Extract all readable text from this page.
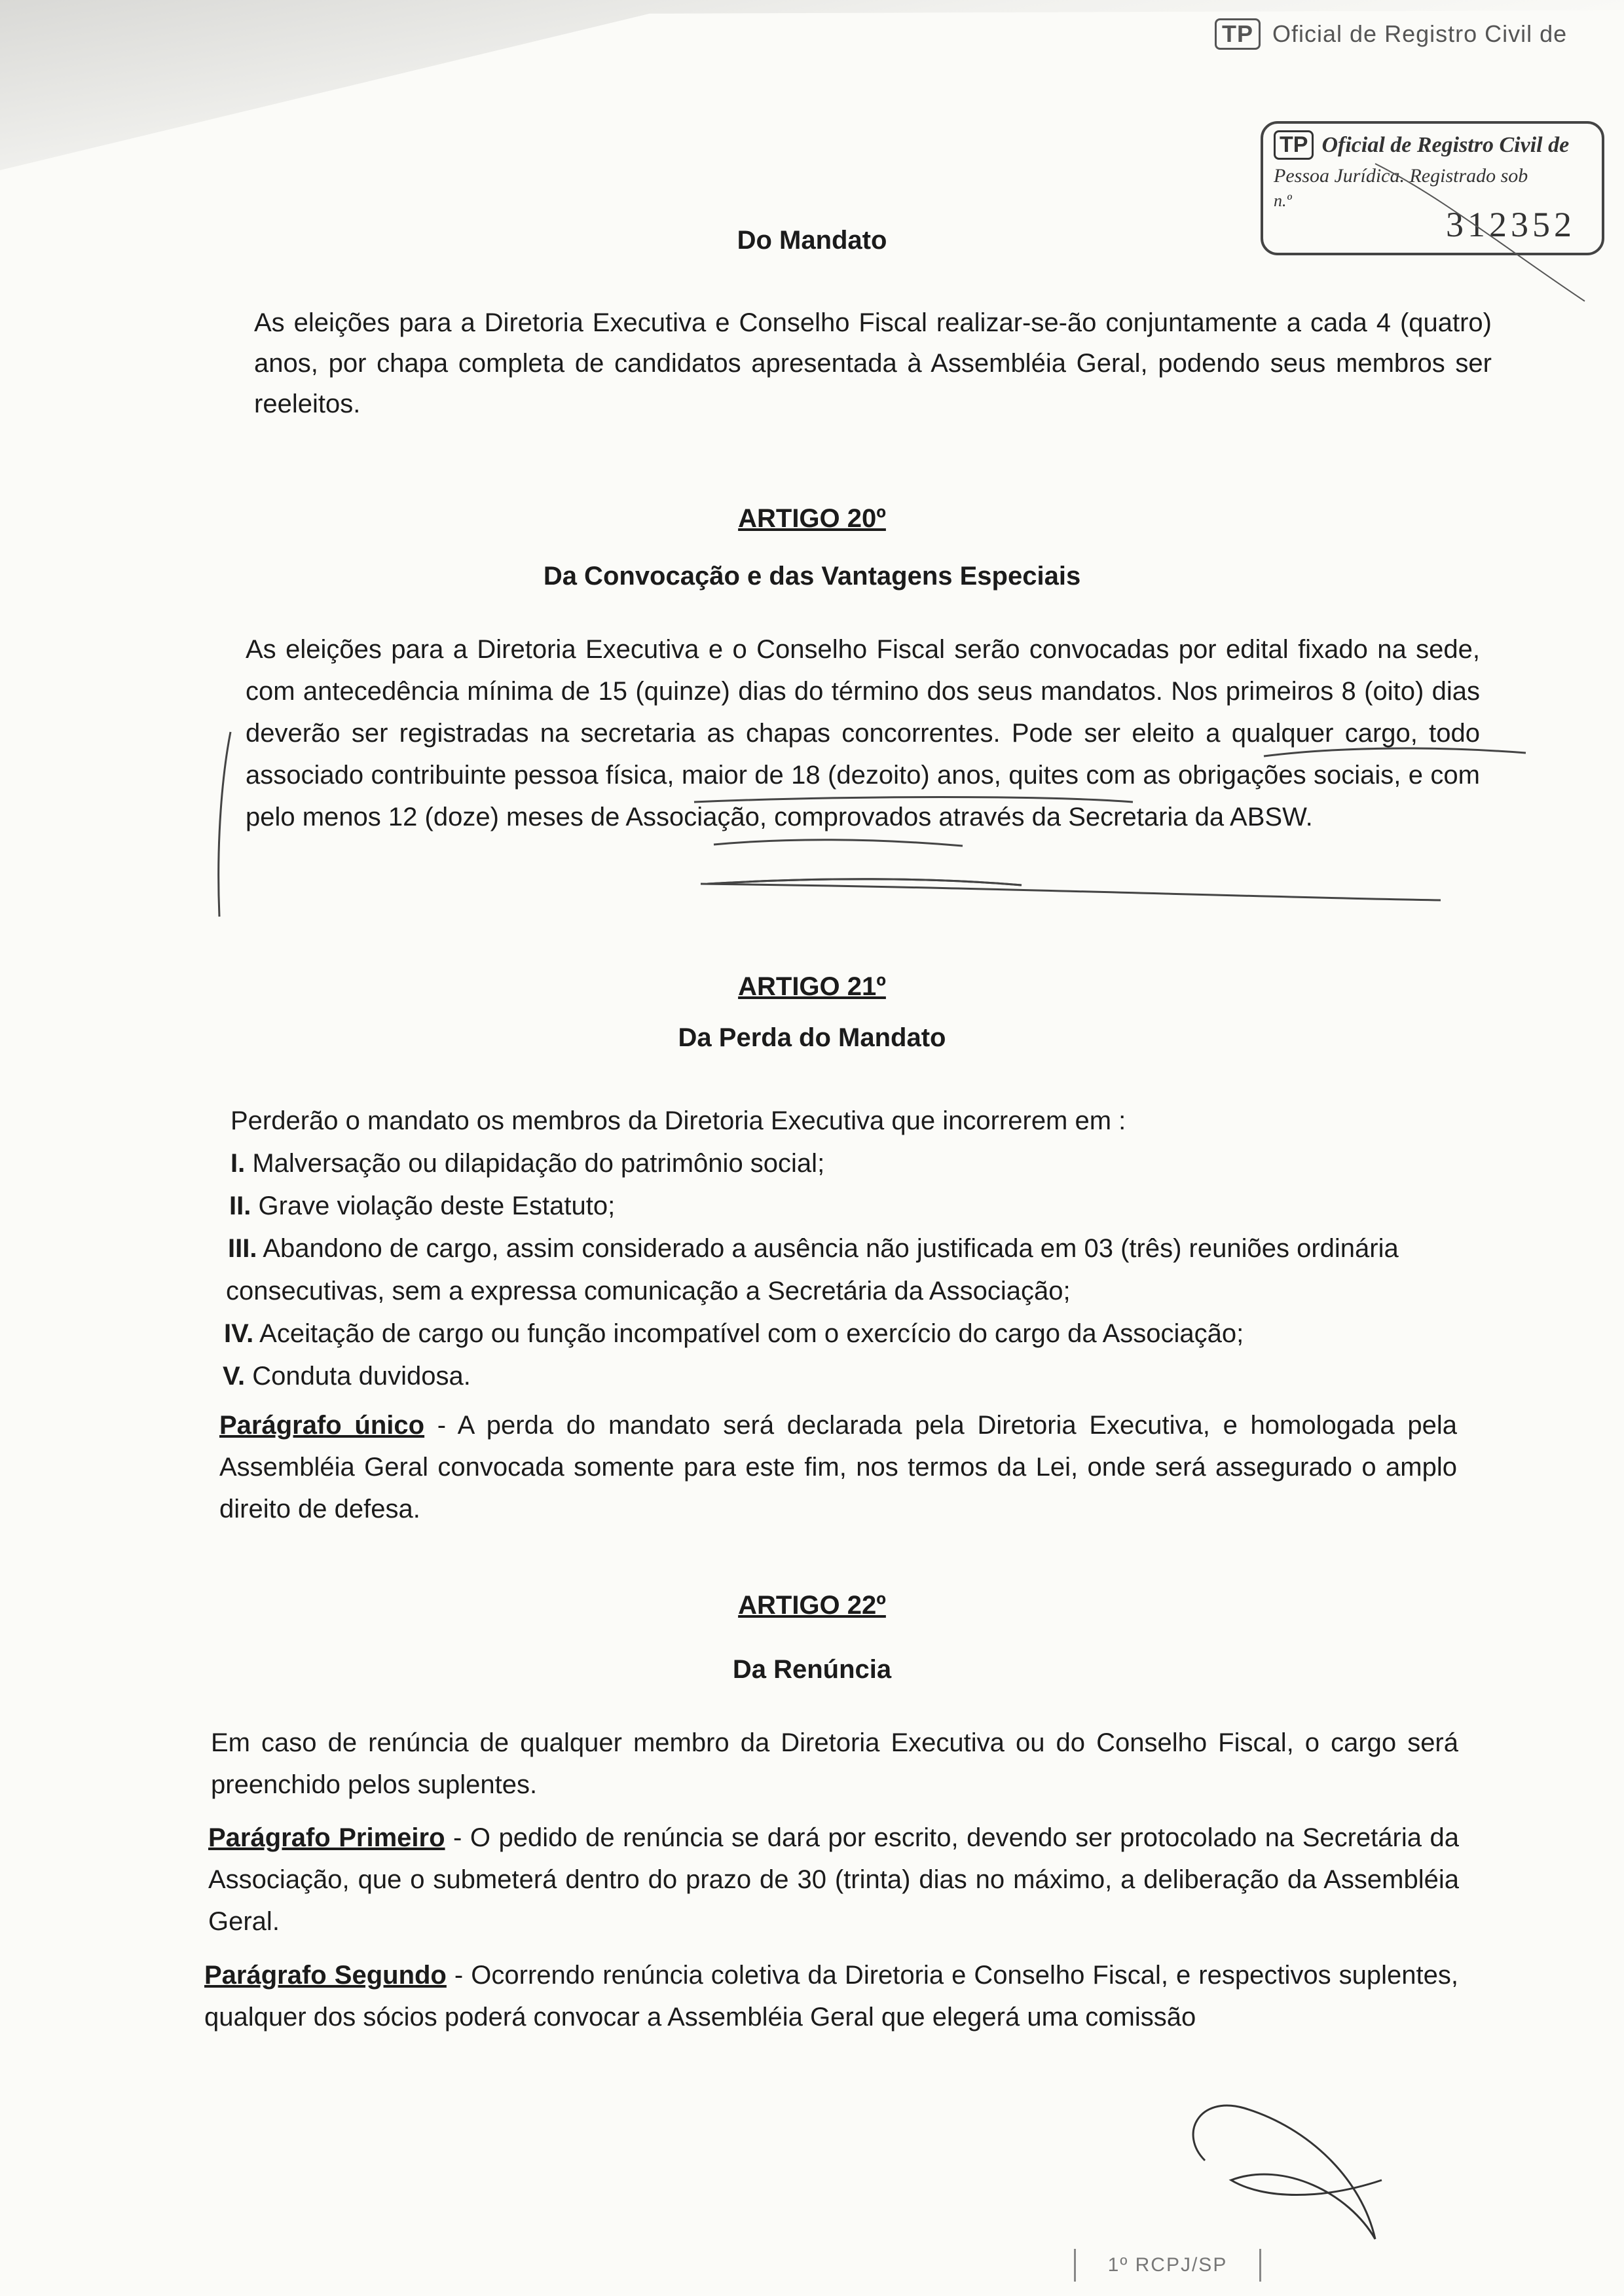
TP Oficial de Registro Civil de
TP Oficial de Registro Civil de
Pessoa Jurídica. Registrado sob
n.º
312352
Do Mandato
As eleições para a Diretoria Executiva e Conselho Fiscal realizar-se-ão conjuntamente a cada 4 (quatro) anos, por chapa completa de candidatos apresentada à Assembléia Geral, podendo seus membros ser reeleitos.
ARTIGO 20º
Da Convocação e das Vantagens Especiais
As eleições para a Diretoria Executiva e o Conselho Fiscal serão convocadas por edital fixado na sede, com antecedência mínima de 15 (quinze) dias do término dos seus mandatos. Nos primeiros 8 (oito) dias deverão ser registradas na secretaria as chapas concorrentes. Pode ser eleito a qualquer cargo, todo associado contribuinte pessoa física, maior de 18 (dezoito) anos, quites com as obrigações sociais, e com pelo menos 12 (doze) meses de Associação, comprovados através da Secretaria da ABSW.
ARTIGO 21º
Da Perda do Mandato
Perderão o mandato os membros da Diretoria Executiva que incorrerem em :
I. Malversação ou dilapidação do patrimônio social;
II. Grave violação deste Estatuto;
III. Abandono de cargo, assim considerado a ausência não justificada em 03 (três) reuniões ordinária
consecutivas, sem a expressa comunicação a Secretária da Associação;
IV. Aceitação de cargo ou função incompatível com o exercício do cargo da Associação;
V. Conduta duvidosa.
Parágrafo único - A perda do mandato será declarada pela Diretoria Executiva, e homologada pela Assembléia Geral convocada somente para este fim, nos termos da Lei, onde será assegurado o amplo direito de defesa.
ARTIGO 22º
Da Renúncia
Em caso de renúncia de qualquer membro da Diretoria Executiva ou do Conselho Fiscal, o cargo será preenchido pelos suplentes.
Parágrafo Primeiro - O pedido de renúncia se dará por escrito, devendo ser protocolado na Secretária da Associação, que o submeterá dentro do prazo de 30 (trinta) dias no máximo, a deliberação da Assembléia Geral.
Parágrafo Segundo - Ocorrendo renúncia coletiva da Diretoria e Conselho Fiscal, e respectivos suplentes, qualquer dos sócios poderá convocar a Assembléia Geral que elegerá uma comissão
1º RCPJ/SP
